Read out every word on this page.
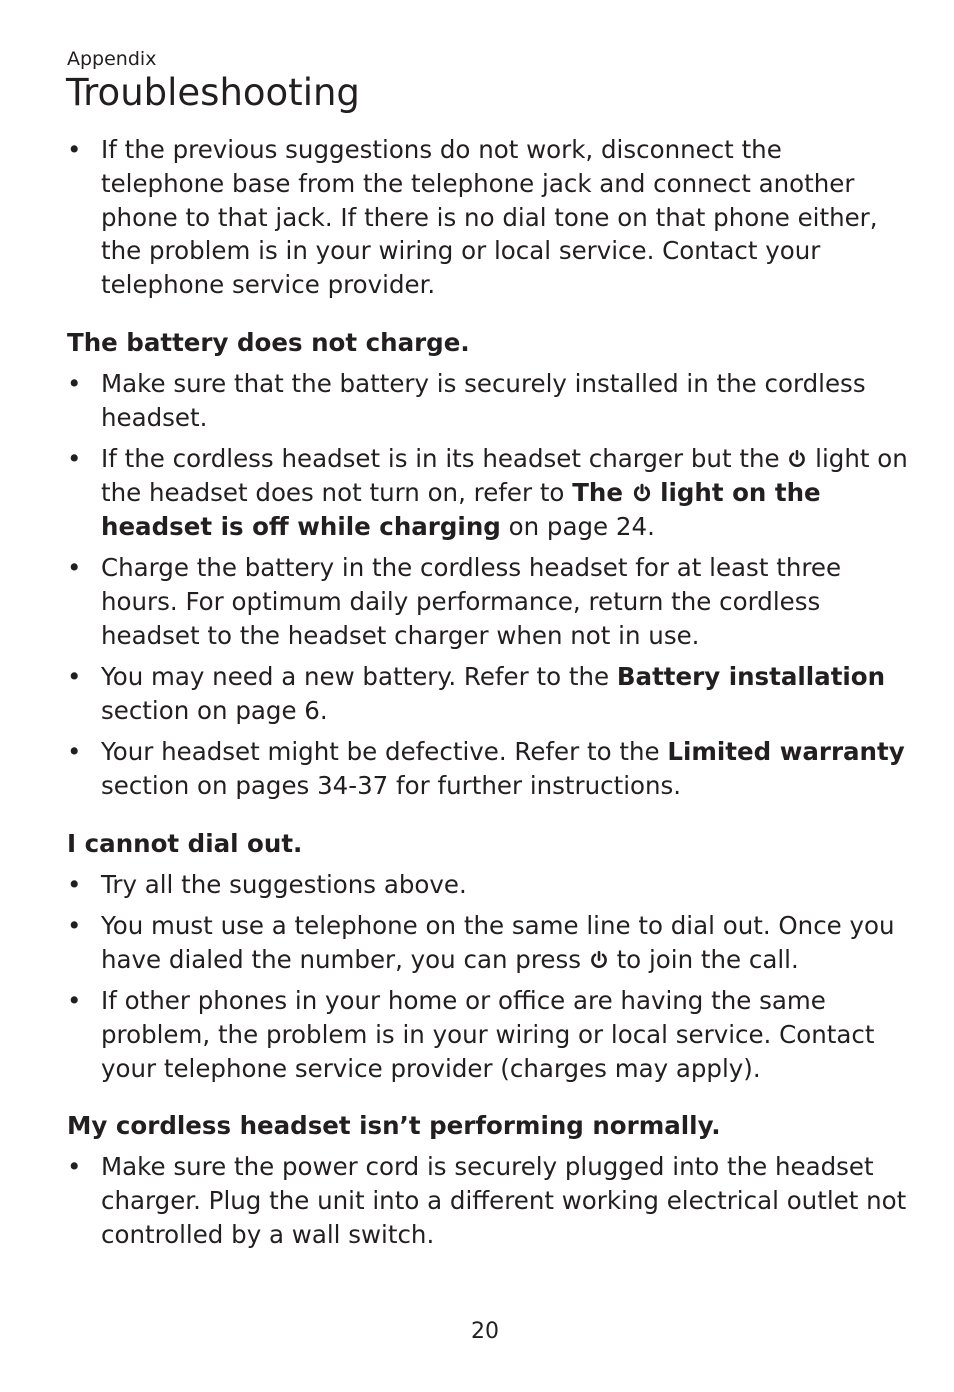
Appendix
Troubleshooting
• If the previous suggestions do not work, disconnect the telephone base from the telephone jack and connect another phone to that jack. If there is no dial tone on that phone either, the problem is in your wiring or local service. Contact your telephone service provider.
The battery does not charge.
• Make sure that the battery is securely installed in the cordless headset.
• If the cordless headset is in its headset charger but the light on the headset does not turn on, refer to The light on the headset is off while charging on page 24.
• Charge the battery in the cordless headset for at least three hours. For optimum daily performance, return the cordless headset to the headset charger when not in use.
• You may need a new battery. Refer to the Battery installation section on page 6.
• Your headset might be defective. Refer to the Limited warranty section on pages 34-37 for further instructions.
I cannot dial out.
• Try all the suggestions above.
• You must use a telephone on the same line to dial out. Once you have dialed the number, you can press to join the call.
• If other phones in your home or office are having the same problem, the problem is in your wiring or local service. Contact your telephone service provider (charges may apply).
My cordless headset isn’t performing normally.
• Make sure the power cord is securely plugged into the headset charger. Plug the unit into a different working electrical outlet not controlled by a wall switch.
20
